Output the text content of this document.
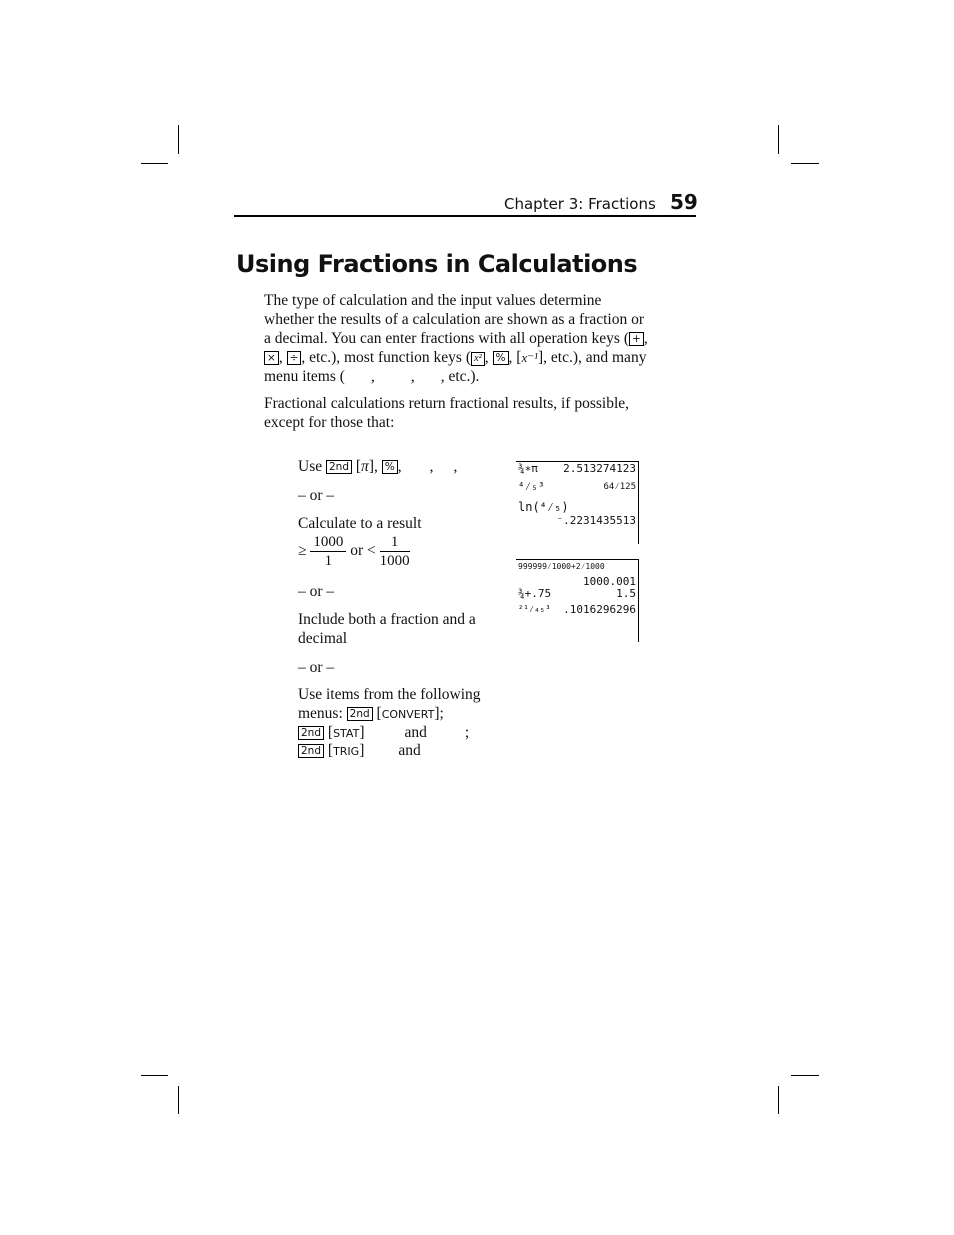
Chapter 3: Fractions 59
Using Fractions in Calculations
The type of calculation and the input values determine
whether the results of a calculation are shown as a fraction or
a decimal. You can enter fractions with all operation keys ( + ,
× , ÷ , etc.), most function keys ( x² , % , [x⁻¹], etc.), and many
menu items ( , , , etc.).
Fractional calculations return fractional results, if possible,
except for those that:
Use 2nd [π], % , , ,
– or –
Calculate to a result
≥ $\frac{1000}{1}$ or < $\frac{1}{1000}$
– or –
Include both a fraction and a
decimal
– or –
Use items from the following
menus: 2nd [CONVERT];
2nd [STAT]	and ;
2nd [TRIG] and
¾∗π 2.513274123
⁴⁄₅³	64⁄125
ln(⁴⁄₅)
⁻.2231435513
999999⁄1000+2⁄1000
1000.001
¾+.75	1.5
²¹⁄₄₅³ .1016296296
